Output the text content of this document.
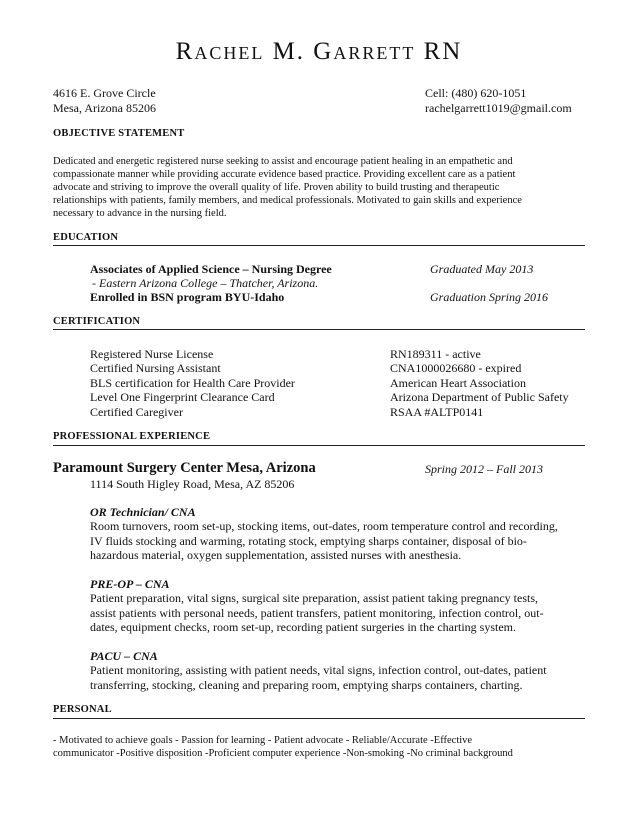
Rachel M. Garrett RN
4616 E. Grove Circle
Mesa, Arizona 85206
Cell: (480) 620-1051
rachelgarrett1019@gmail.com
OBJECTIVE STATEMENT
Dedicated and energetic registered nurse seeking to assist and encourage patient healing in an empathetic and
compassionate manner while providing accurate evidence based practice. Providing excellent care as a patient
advocate and striving to improve the overall quality of life. Proven ability to build trusting and therapeutic
relationships with patients, family members, and medical professionals. Motivated to gain skills and experience
necessary to advance in the nursing field.
EDUCATION
Associates of Applied Science – Nursing Degree	Graduated May 2013
- Eastern Arizona College – Thatcher, Arizona.
Enrolled in BSN program BYU-Idaho	Graduation Spring 2016
CERTIFICATION
Registered Nurse License	RN189311 - active
Certified Nursing Assistant	CNA1000026680 - expired
BLS certification for Health Care Provider	American Heart Association
Level One Fingerprint Clearance Card	Arizona Department of Public Safety
Certified Caregiver	RSAA #ALTP0141
PROFESSIONAL EXPERIENCE
Paramount Surgery Center Mesa, Arizona	Spring 2012 – Fall 2013
1114 South Higley Road, Mesa, AZ 85206
OR Technician/ CNA
Room turnovers, room set-up, stocking items, out-dates, room temperature control and recording,
IV fluids stocking and warming, rotating stock, emptying sharps container, disposal of bio-
hazardous material, oxygen supplementation, assisted nurses with anesthesia.
PRE-OP – CNA
Patient preparation, vital signs, surgical site preparation, assist patient taking pregnancy tests,
assist patients with personal needs, patient transfers, patient monitoring, infection control, out-
dates, equipment checks, room set-up, recording patient surgeries in the charting system.
PACU – CNA
Patient monitoring, assisting with patient needs, vital signs, infection control, out-dates, patient
transferring, stocking, cleaning and preparing room, emptying sharps containers, charting.
PERSONAL
- Motivated to achieve goals - Passion for learning - Patient advocate - Reliable/Accurate -Effective
communicator -Positive disposition -Proficient computer experience -Non-smoking -No criminal background
